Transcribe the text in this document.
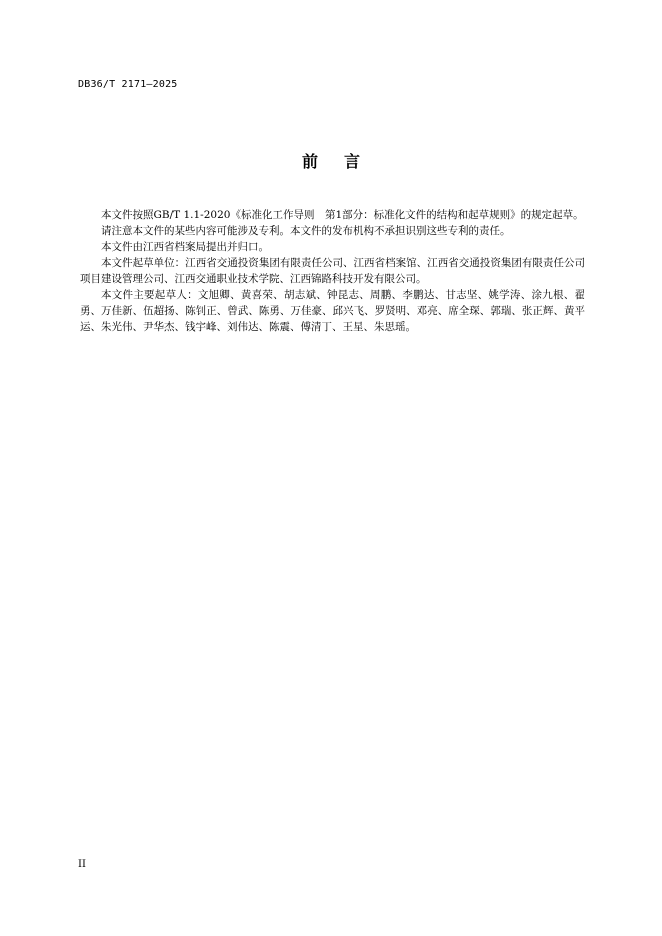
DB36/T 2171—2025
前言

本文件按照GB/T 1.1-2020《标准化工作导则　第1部分：标准化文件的结构和起草规则》的规定起草。

请注意本文件的某些内容可能涉及专利。本文件的发布机构不承担识别这些专利的责任。

本文件由江西省档案局提出并归口。

本文件起草单位：江西省交通投资集团有限责任公司、江西省档案馆、江西省交通投资集团有限责任公司项目建设管理公司、江西交通职业技术学院、江西锦路科技开发有限公司。

本文件主要起草人：文旭卿、黄喜荣、胡志斌、钟昆志、周鹏、李鹏达、甘志坚、姚学涛、涂九根、翟勇、万佳新、伍超扬、陈钊正、曾武、陈勇、万佳豪、邱兴飞、罗贤明、邓亮、席全琛、郭瑞、张正辉、黄平运、朱光伟、尹华杰、钱宇峰、刘伟达、陈震、傅清丁、王星、朱思瑶。

II
